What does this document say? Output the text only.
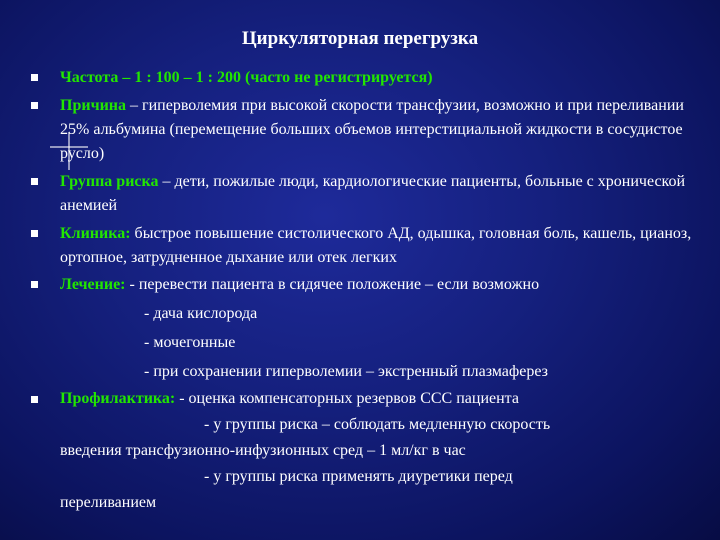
Циркуляторная перегрузка
Частота – 1 : 100 – 1 : 200 (часто не регистрируется)
Причина – гиперволемия при высокой скорости трансфузии, возможно и при переливании 25% альбумина (перемещение больших объемов интерстициальной жидкости в сосудистое русло)
Группа риска – дети, пожилые люди, кардиологические пациенты, больные с хронической анемией
Клиника: быстрое повышение систолического АД, одышка, головная боль, кашель, цианоз, ортопное, затрудненное дыхание или отек легких
Лечение: - перевести пациента в сидячее положение – если возможно
- дача кислорода
- мочегонные
- при сохранении гиперволемии – экстренный плазмаферез
Профилактика: - оценка компенсаторных резервов ССС пациента
- у группы риска – соблюдать медленную скорость
введения трансфузионно-инфузионных сред – 1 мл/кг в час
- у группы риска применять диуретики перед
переливанием
